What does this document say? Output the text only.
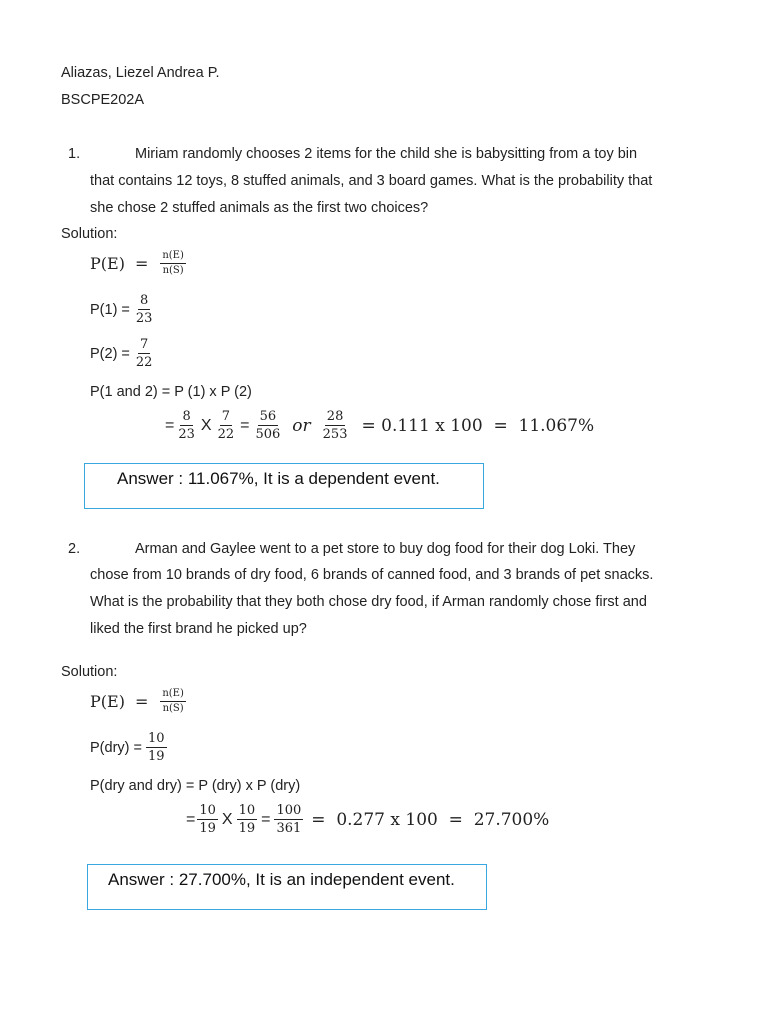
Aliazas, Liezel Andrea P.
BSCPE202A
1.	Miriam randomly chooses 2 items for the child she is babysitting from a toy bin
that contains 12 toys, 8 stuffed animals, and 3 board games. What is the probability that
she chose 2 stuffed animals as the first two choices?
Solution:
$P(E) = \frac{n(E)}{n(S)}$
$P(1) = \frac{8}{23}$
$P(2) = \frac{7}{22}$
P(1 and 2) = P (1) x P (2)
= $\frac{8}{23}$ X $\frac{7}{22} = \frac{56}{506}$ or $\frac{28}{253} = 0.111$ x 100  =  11.067%
Answer : 11.067%, It is a dependent event.
2.	Arman and Gaylee went to a pet store to buy dog food for their dog Loki. They
chose from 10 brands of dry food, 6 brands of canned food, and 3 brands of pet snacks.
What is the probability that they both chose dry food, if Arman randomly chose first and
liked the first brand he picked up?
Solution:
$P(E) = \frac{n(E)}{n(S)}$
$P(dry) = \frac{10}{19}$
P(dry and dry) = P (dry) x P (dry)
= $\frac{10}{19}$ X $\frac{10}{19} = \frac{100}{361} = 0.277$ x 100  =  27.700%
Answer : 27.700%, It is an independent event.
